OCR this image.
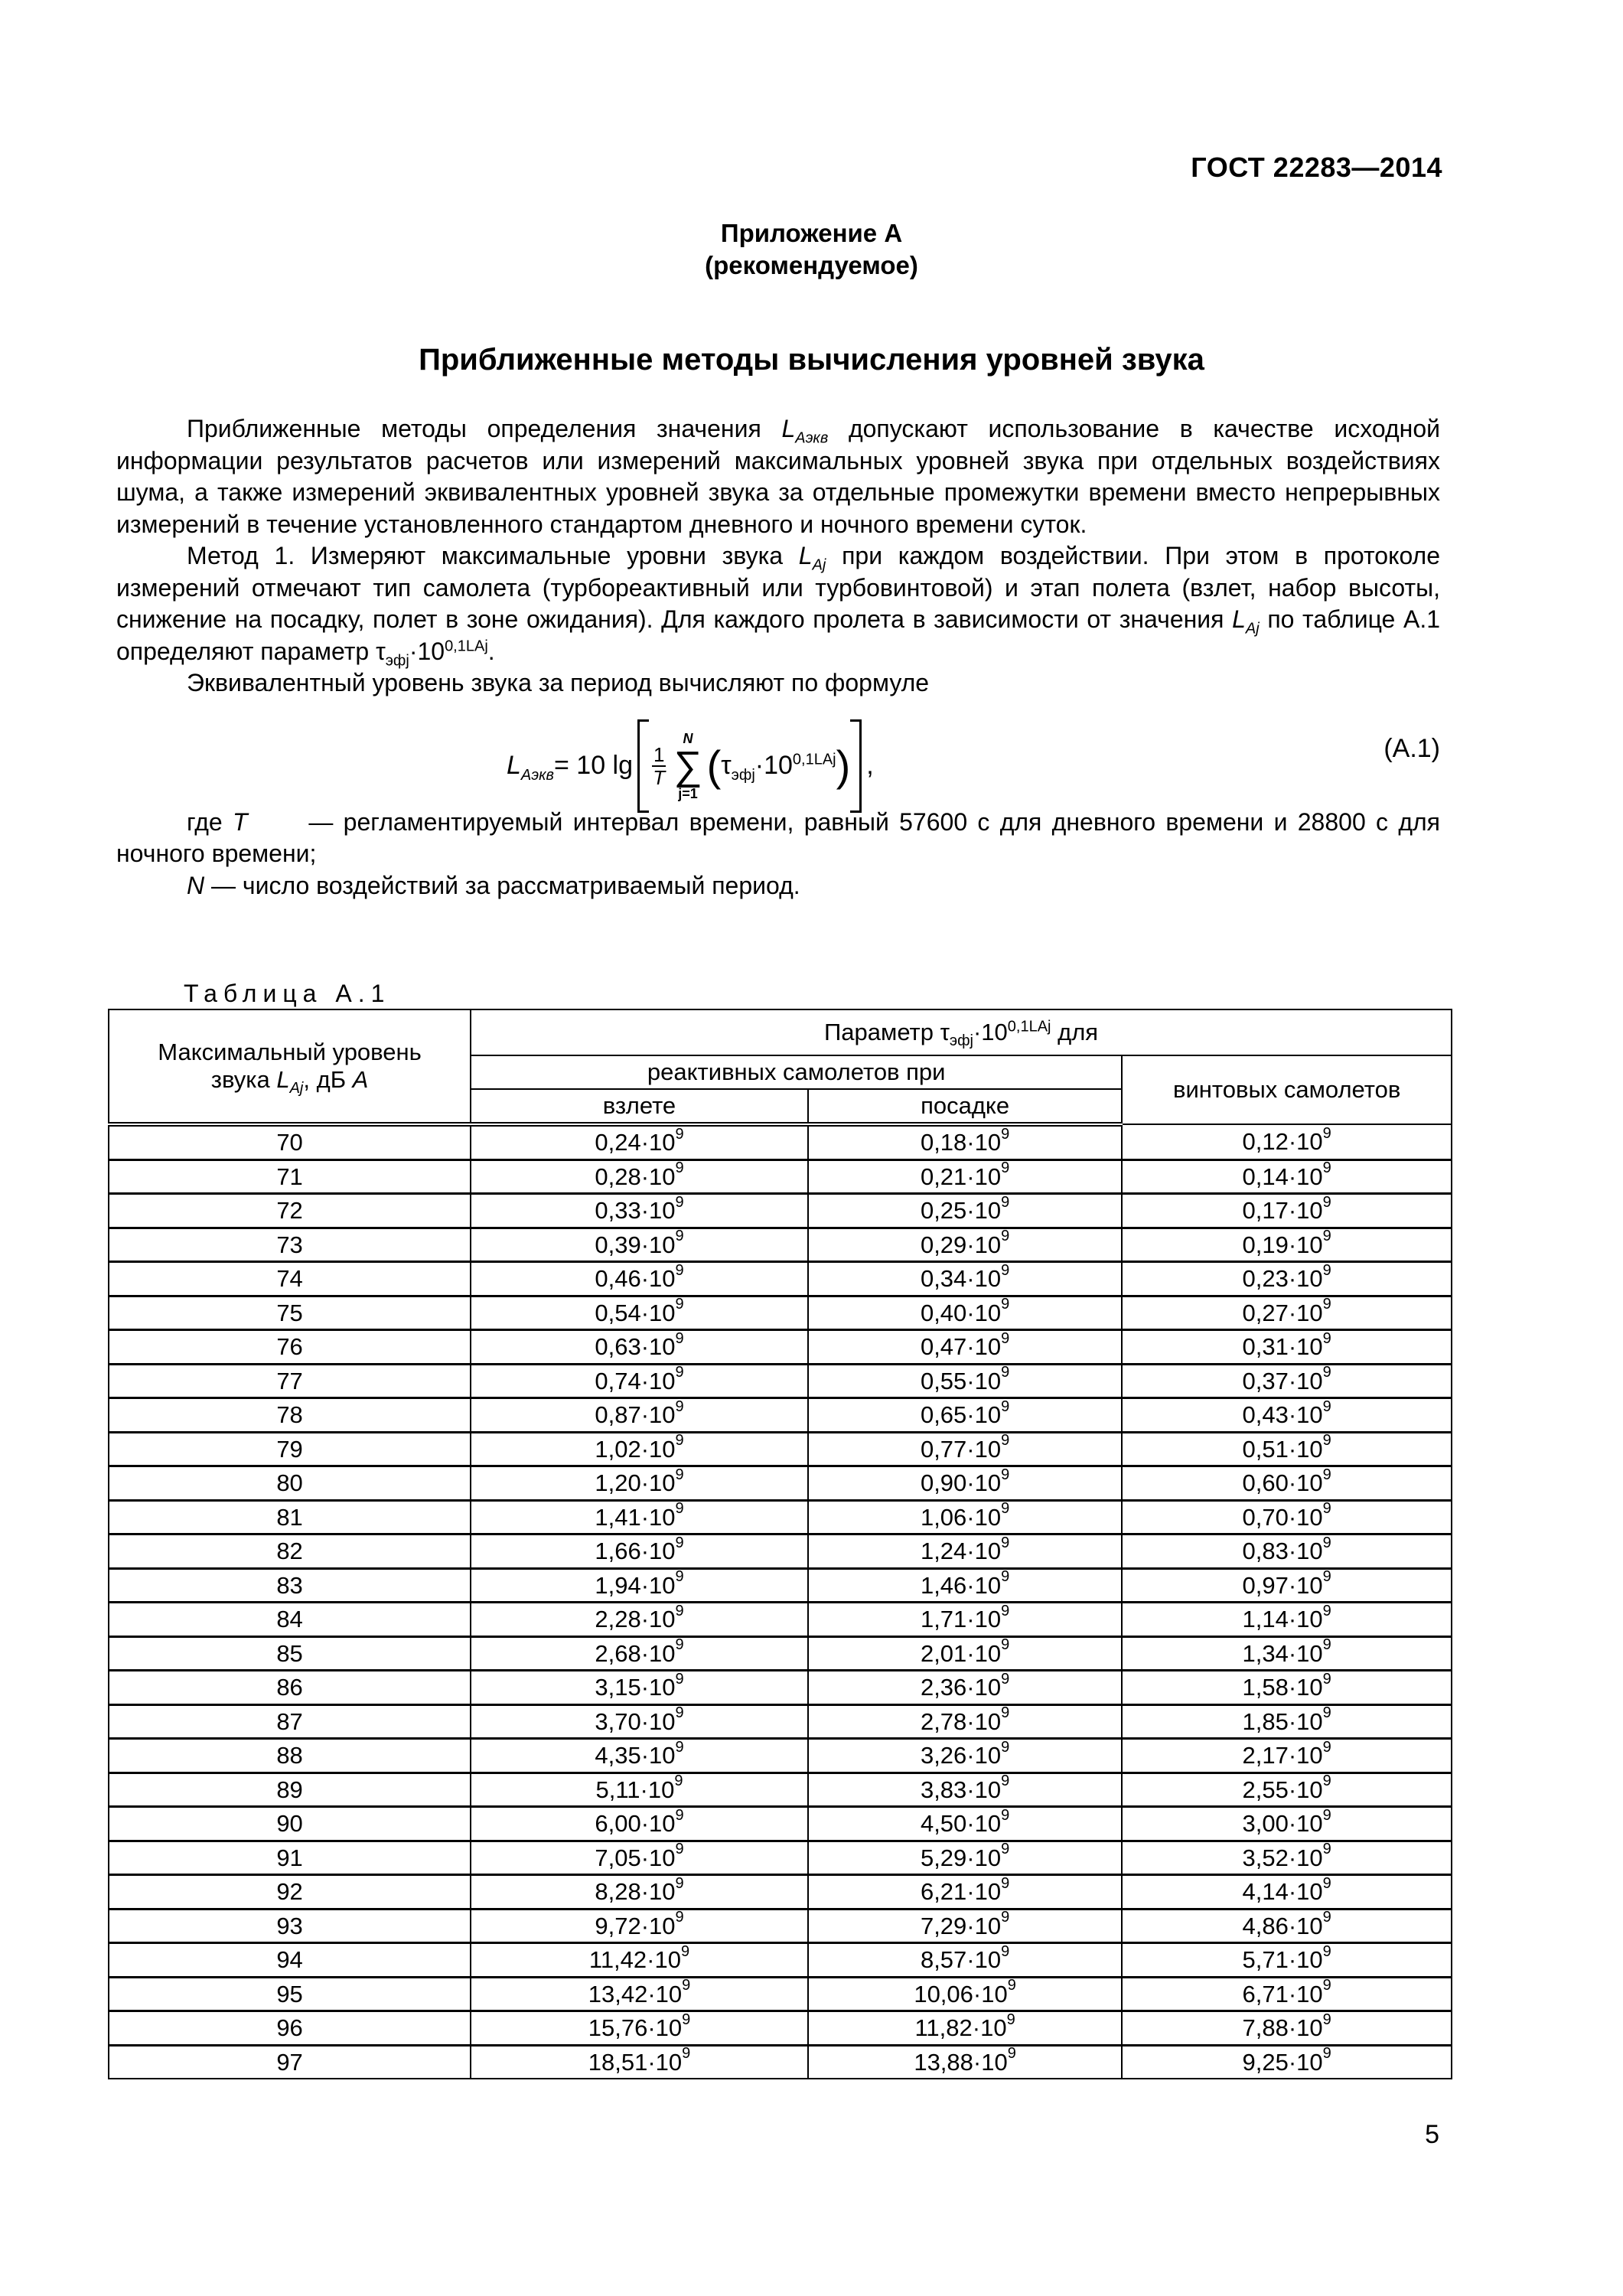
ГОСТ 22283—2014
Приложение А
(рекомендуемое)
Приближенные методы вычисления уровней звука

Приближенные методы определения значения $L_{Aэкв}$ допускают использование в качестве исходной информации результатов расчетов или измерений максимальных уровней звука при отдельных воздействиях шума, а также измерений эквивалентных уровней звука за отдельные промежутки времени вместо непрерывных измерений в течение установленного стандартом дневного и ночного времени суток.

Метод 1. Измеряют максимальные уровни звука $L_{Aj}$ при каждом воздействии. При этом в протоколе измерений отмечают тип самолета (турбореактивный или турбовинтовой) и этап полета (взлет, набор высоты, снижение на посадку, полет в зоне ожидания). Для каждого пролета в зависимости от значения $L_{Aj}$ по таблице А.1 определяют параметр $\tau_{эфj}\cdot 10^{0,1LAj}$.

Эквивалентный уровень звука за период вычисляют по формуле

$L_{Aэкв} = 10$ $\lg \frac{1}{T}$
N
∑
j=1
( $\tau_{эфj}\cdot 10^{0,1LAj}$ ) ,
(А.1)

где T      — регламентируемый интервал времени, равный 57600 с для дневного времени и 28800 с для ночного времени;

N — число воздействий за рассматриваемый период.

Таблица А.1
Максимальный уровень
звука $L_{Aj}$, дБ A	Параметр $\tau_{эфj}\cdot 10^{0,1LAj}$ для		
	реактивных самолетов при		винтовых самолетов
	взлете	посадке	
70	$0,24\cdot 10^9$	$0,18\cdot 10^9$	$0,12\cdot 10^9$
71	$0,28\cdot 10^9$	$0,21\cdot 10^9$	$0,14\cdot 10^9$
72	$0,33\cdot 10^9$	$0,25\cdot 10^9$	$0,17\cdot 10^9$
73	$0,39\cdot 10^9$	$0,29\cdot 10^9$	$0,19\cdot 10^9$
74	$0,46\cdot 10^9$	$0,34\cdot 10^9$	$0,23\cdot 10^9$
75	$0,54\cdot 10^9$	$0,40\cdot 10^9$	$0,27\cdot 10^9$
76	$0,63\cdot 10^9$	$0,47\cdot 10^9$	$0,31\cdot 10^9$
77	$0,74\cdot 10^9$	$0,55\cdot 10^9$	$0,37\cdot 10^9$
78	$0,87\cdot 10^9$	$0,65\cdot 10^9$	$0,43\cdot 10^9$
79	$1,02\cdot 10^9$	$0,77\cdot 10^9$	$0,51\cdot 10^9$
80	$1,20\cdot 10^9$	$0,90\cdot 10^9$	$0,60\cdot 10^9$
81	$1,41\cdot 10^9$	$1,06\cdot 10^9$	$0,70\cdot 10^9$
82	$1,66\cdot 10^9$	$1,24\cdot 10^9$	$0,83\cdot 10^9$
83	$1,94\cdot 10^9$	$1,46\cdot 10^9$	$0,97\cdot 10^9$
84	$2,28\cdot 10^9$	$1,71\cdot 10^9$	$1,14\cdot 10^9$
85	$2,68\cdot 10^9$	$2,01\cdot 10^9$	$1,34\cdot 10^9$
86	$3,15\cdot 10^9$	$2,36\cdot 10^9$	$1,58\cdot 10^9$
87	$3,70\cdot 10^9$	$2,78\cdot 10^9$	$1,85\cdot 10^9$
88	$4,35\cdot 10^9$	$3,26\cdot 10^9$	$2,17\cdot 10^9$
89	$5,11\cdot 10^9$	$3,83\cdot 10^9$	$2,55\cdot 10^9$
90	$6,00\cdot 10^9$	$4,50\cdot 10^9$	$3,00\cdot 10^9$
91	$7,05\cdot 10^9$	$5,29\cdot 10^9$	$3,52\cdot 10^9$
92	$8,28\cdot 10^9$	$6,21\cdot 10^9$	$4,14\cdot 10^9$
93	$9,72\cdot 10^9$	$7,29\cdot 10^9$	$4,86\cdot 10^9$
94	$11,42\cdot 10^9$	$8,57\cdot 10^9$	$5,71\cdot 10^9$
95	$13,42\cdot 10^9$	$10,06\cdot 10^9$	$6,71\cdot 10^9$
96	$15,76\cdot 10^9$	$11,82\cdot 10^9$	$7,88\cdot 10^9$
97	$18,51\cdot 10^9$	$13,88\cdot 10^9$	$9,25\cdot 10^9$
5
